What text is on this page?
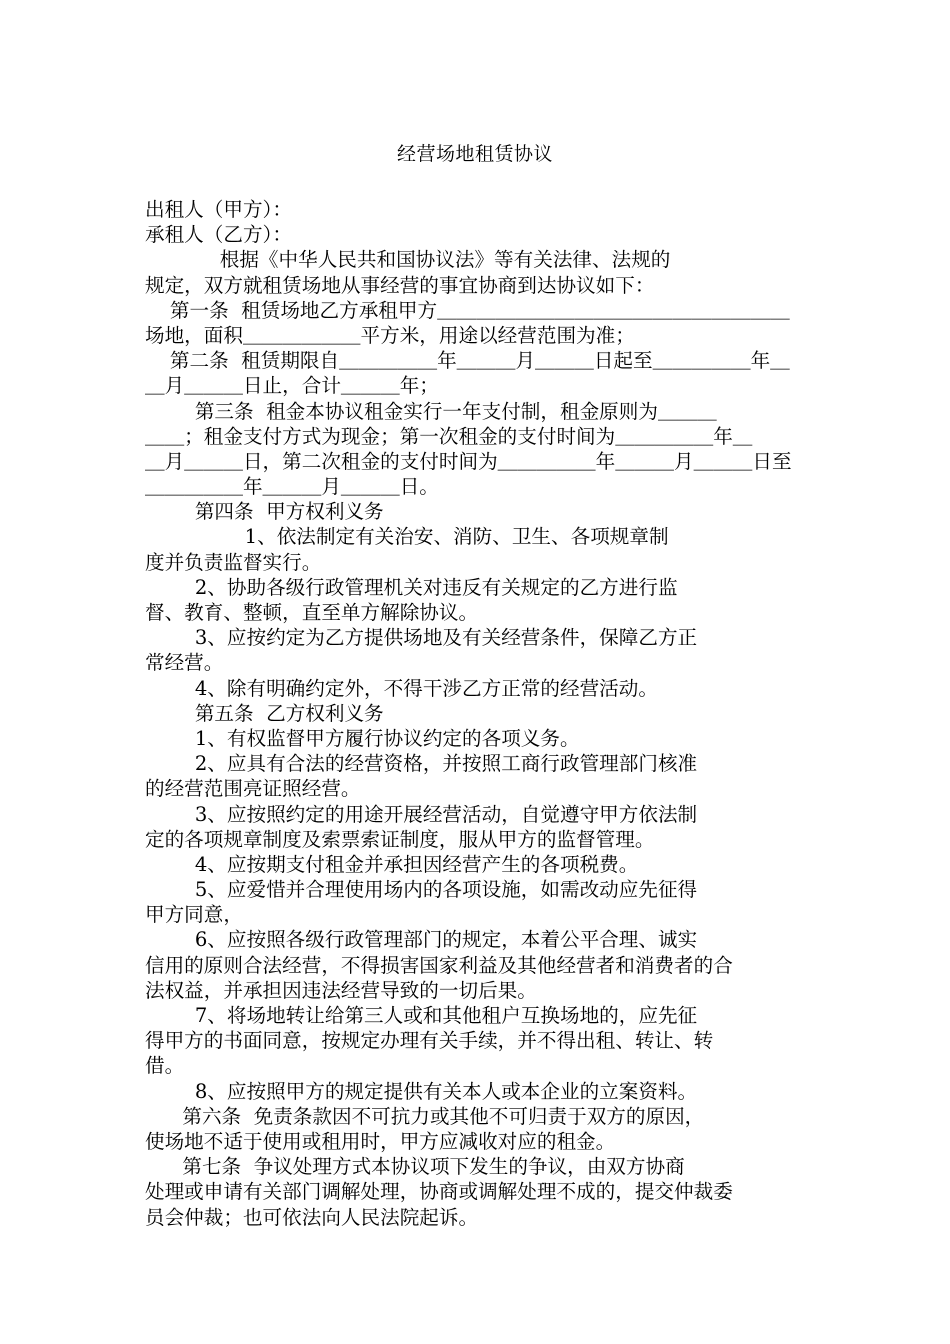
经营场地租赁协议
出租人（甲方）：
承租人（乙方）：
根据《中华人民共和国协议法》等有关法律、法规的
规定，双方就租赁场地从事经营的事宜协商到达协议如下：
第一条  租赁场地乙方承租甲方＿＿＿＿＿＿＿＿＿＿＿＿＿＿＿＿＿＿
场地，面积＿＿＿＿＿＿平方米，用途以经营范围为准；
第二条  租赁期限自＿＿＿＿＿年＿＿＿月＿＿＿日起至＿＿＿＿＿年＿
＿月＿＿＿日止，合计＿＿＿年；
第三条  租金本协议租金实行一年支付制，租金原则为＿＿＿
＿＿；租金支付方式为现金；第一次租金的支付时间为＿＿＿＿＿年＿
＿月＿＿＿日，第二次租金的支付时间为＿＿＿＿＿年＿＿＿月＿＿＿日至
＿＿＿＿＿年＿＿＿月＿＿＿日。
第四条  甲方权利义务
1、依法制定有关治安、消防、卫生、各项规章制
度并负责监督实行。
2、协助各级行政管理机关对违反有关规定的乙方进行监
督、教育、整顿，直至单方解除协议。
3、应按约定为乙方提供场地及有关经营条件，保障乙方正
常经营。
4、除有明确约定外，不得干涉乙方正常的经营活动。
第五条  乙方权利义务
1、有权监督甲方履行协议约定的各项义务。
2、应具有合法的经营资格，并按照工商行政管理部门核准
的经营范围亮证照经营。
3、应按照约定的用途开展经营活动，自觉遵守甲方依法制
定的各项规章制度及索票索证制度，服从甲方的监督管理。
4、应按期支付租金并承担因经营产生的各项税费。
5、应爱惜并合理使用场内的各项设施，如需改动应先征得
甲方同意，
6、应按照各级行政管理部门的规定，本着公平合理、诚实
信用的原则合法经营，不得损害国家利益及其他经营者和消费者的合
法权益，并承担因违法经营导致的一切后果。
7、将场地转让给第三人或和其他租户互换场地的，应先征
得甲方的书面同意，按规定办理有关手续，并不得出租、转让、转
借。
8、应按照甲方的规定提供有关本人或本企业的立案资料。
第六条  免责条款因不可抗力或其他不可归责于双方的原因，
使场地不适于使用或租用时，甲方应减收对应的租金。
第七条  争议处理方式本协议项下发生的争议，由双方协商
处理或申请有关部门调解处理，协商或调解处理不成的，提交仲裁委
员会仲裁；也可依法向人民法院起诉。
